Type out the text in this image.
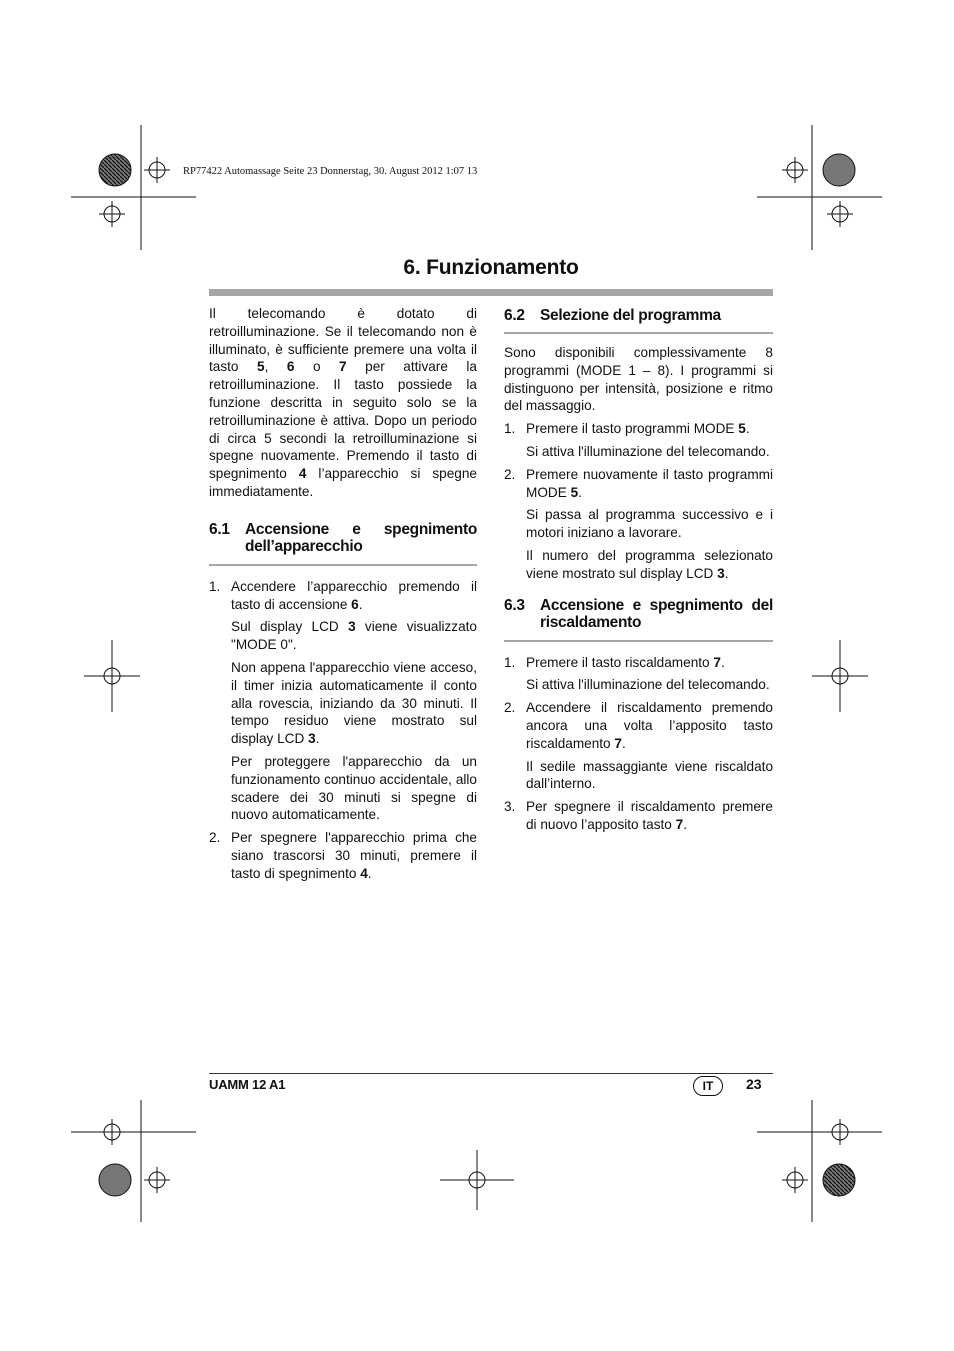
RP77422 Automassage Seite 23 Donnerstag, 30. August 2012 1:07 13
6. Funzionamento

Il telecomando è dotato di retroilluminazione. Se il telecomando non è illuminato, è sufficiente premere una volta il tasto 5, 6 o 7 per attivare la retroilluminazione. Il tasto possiede la funzione descritta in seguito solo se la retroilluminazione è attiva. Dopo un periodo di circa 5 secondi la retroilluminazione si spegne nuovamente. Premendo il tasto di spegnimento 4 l’apparecchio si spegne immediatamente.

6.1 Accensione e spegnimento dell’apparecchio
1. Accendere l’apparecchio premendo il tasto di accensione 6.

Sul display LCD 3 viene visualizzato "MODE 0".

Non appena l'apparecchio viene acceso, il timer inizia automaticamente il conto alla rovescia, iniziando da 30 minuti. Il tempo residuo viene mostrato sul display LCD 3.

Per proteggere l'apparecchio da un funzionamento continuo accidentale, allo scadere dei 30 minuti si spegne di nuovo automaticamente.

2. Per spegnere l'apparecchio prima che siano trascorsi 30 minuti, premere il tasto di spegnimento 4.
6.2 Selezione del programma

Sono disponibili complessivamente 8 programmi (MODE 1 – 8). I programmi si distinguono per intensità, posizione e ritmo del massaggio.

1. Premere il tasto programmi MODE 5.

Si attiva l'illuminazione del telecomando.

2. Premere nuovamente il tasto programmi MODE 5.

Si passa al programma successivo e i motori iniziano a lavorare.

Il numero del programma selezionato viene mostrato sul display LCD 3.

6.3 Accensione e spegnimento del riscaldamento
1. Premere il tasto riscaldamento 7.

Si attiva l'illuminazione del telecomando.

2. Accendere il riscaldamento premendo ancora una volta l’apposito tasto riscaldamento 7.

Il sedile massaggiante viene riscaldato dall’interno.

3. Per spegnere il riscaldamento premere di nuovo l’apposito tasto 7.
UAMM 12 A1	IT	23
